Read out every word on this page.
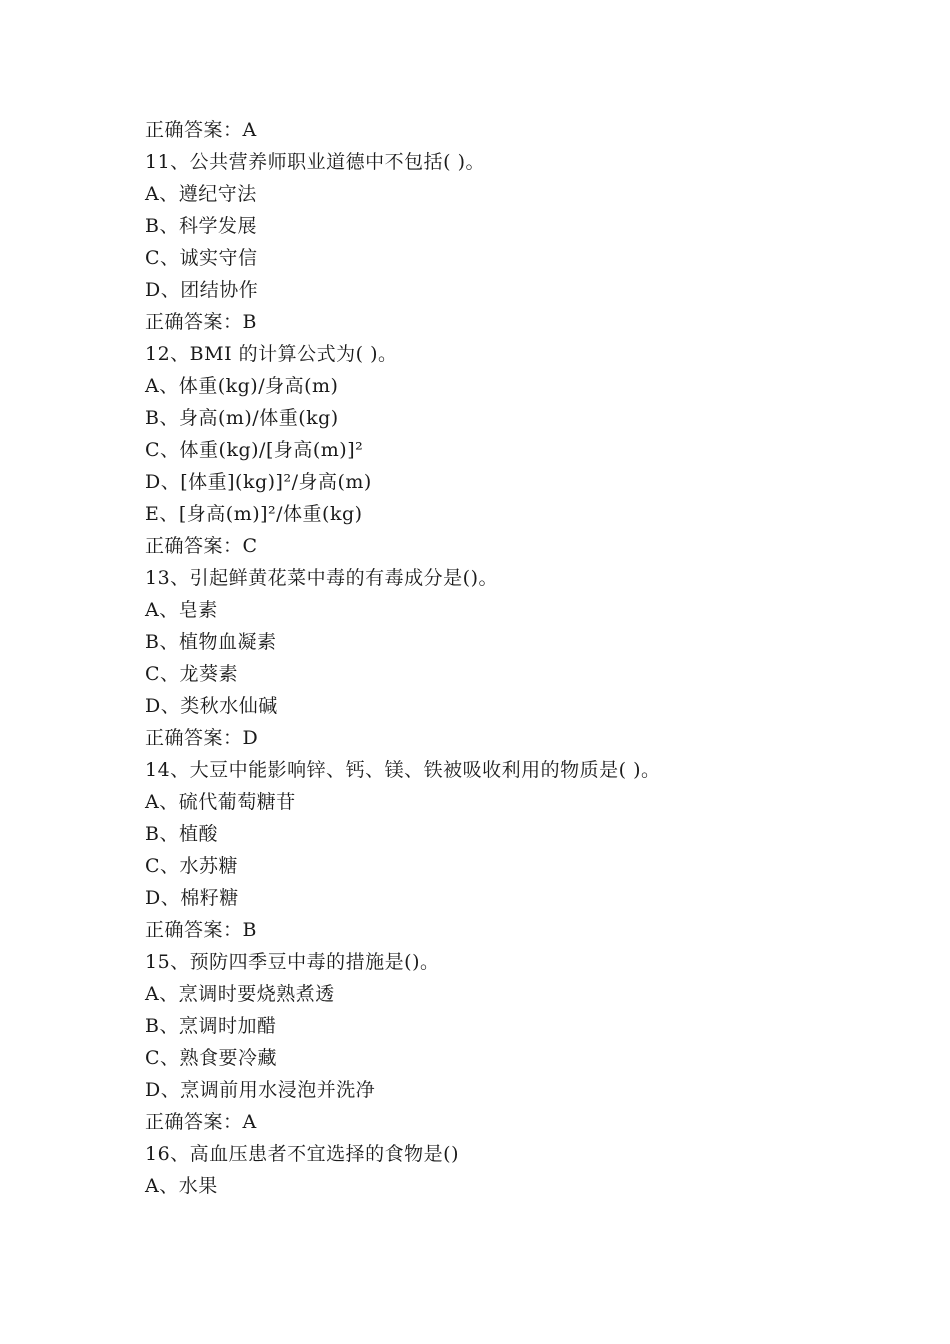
正确答案：A
11、公共营养师职业道德中不包括( )。
A、遵纪守法
B、科学发展
C、诚实守信
D、团结协作
正确答案：B
12、BMI 的计算公式为( )。
A、体重(kg)/身高(m)
B、身高(m)/体重(kg)
C、体重(kg)/[身高(m)]²
D、[体重](kg)]²/身高(m)
E、[身高(m)]²/体重(kg)
正确答案：C
13、引起鲜黄花菜中毒的有毒成分是()。
A、皂素
B、植物血凝素
C、龙葵素
D、类秋水仙碱
正确答案：D
14、大豆中能影响锌、钙、镁、铁被吸收利用的物质是( )。
A、硫代葡萄糖苷
B、植酸
C、水苏糖
D、棉籽糖
正确答案：B
15、预防四季豆中毒的措施是()。
A、烹调时要烧熟煮透
B、烹调时加醋
C、熟食要冷藏
D、烹调前用水浸泡并洗净
正确答案：A
16、高血压患者不宜选择的食物是()
A、水果
